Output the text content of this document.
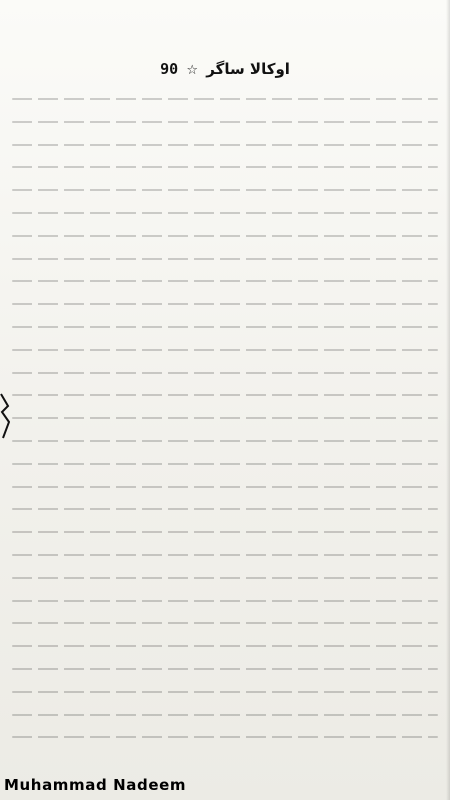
اوکالا ساگر ☆ 90

Muhammad Nadeem
